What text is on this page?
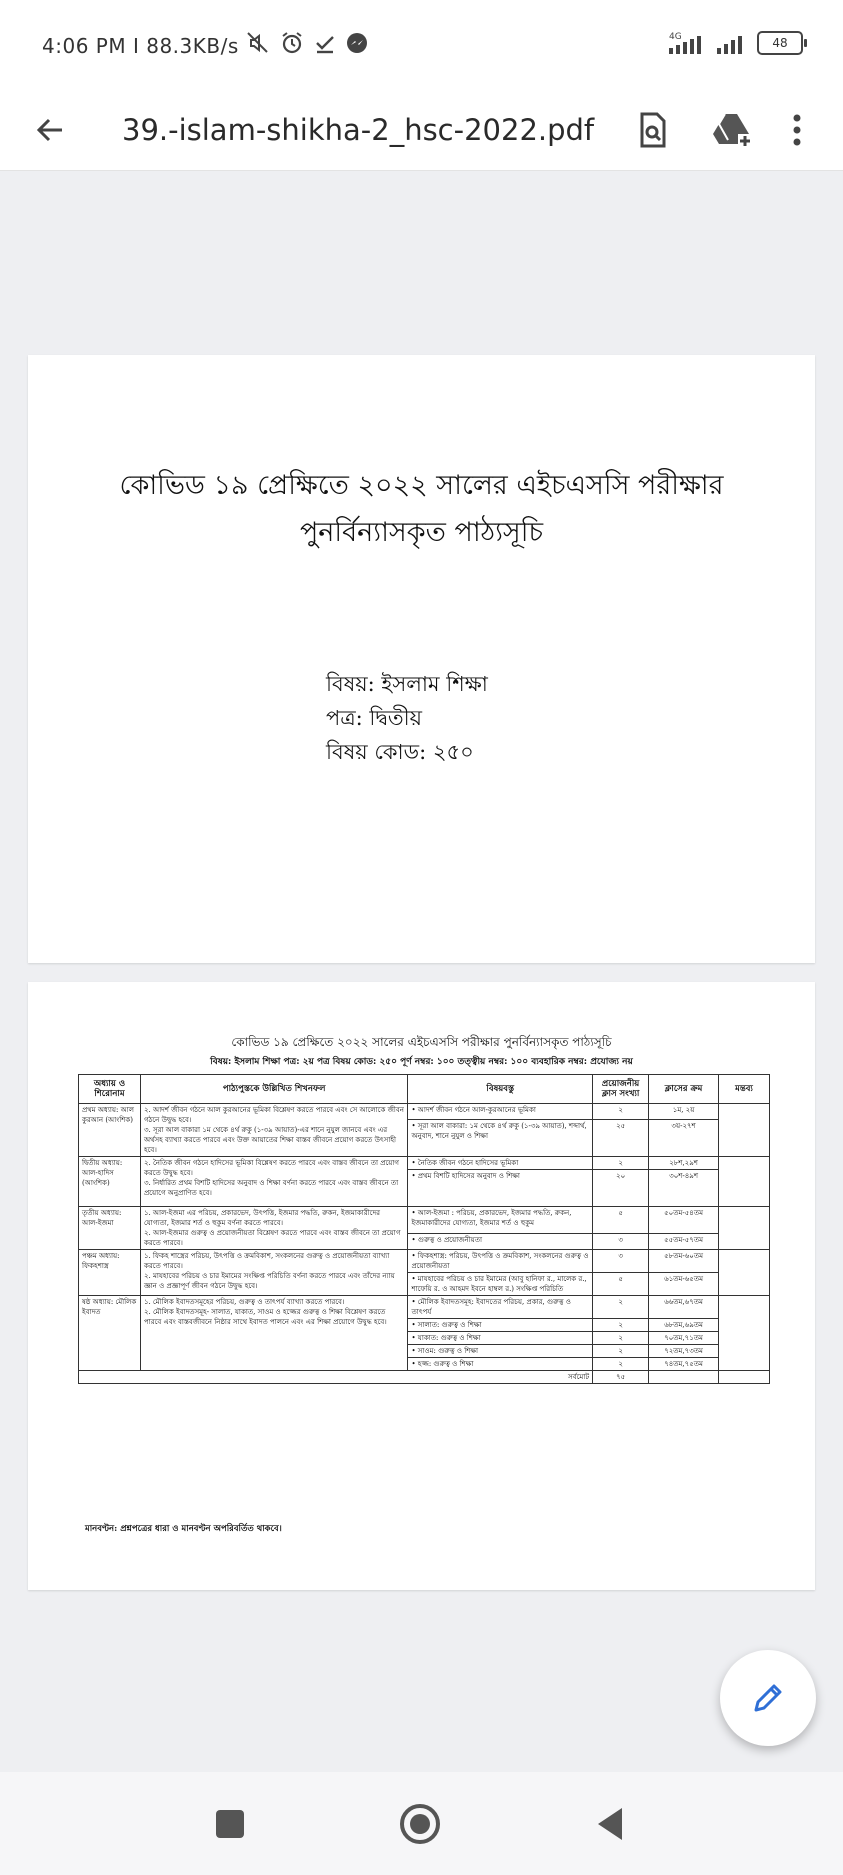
4:06 PM I 88.3KB/s	4G	48
39.-islam-shikha-2_hsc-2022.pdf
কোভিড ১৯ প্রেক্ষিতে ২০২২ সালের এইচএসসি পরীক্ষার
পুনর্বিন্যাসকৃত পাঠ্যসূচি
বিষয়: ইসলাম শিক্ষা
পত্র: দ্বিতীয়
বিষয় কোড: ২৫০
কোভিড ১৯ প্রেক্ষিতে ২০২২ সালের এইচএসসি পরীক্ষার পুনর্বিন্যাসকৃত পাঠ্যসূচি
বিষয়: ইসলাম শিক্ষা পত্র: ২য় পত্র বিষয় কোড: ২৫০ পূর্ণ নম্বর: ১০০ তত্ত্বীয় নম্বর: ১০০ ব্যবহারিক নম্বর: প্রযোজ্য নয়
অধ্যায় ও শিরোনাম	পাঠ্যপুস্তকে উল্লিখিত শিখনফল	বিষয়বস্তু	প্রয়োজনীয় ক্লাস সংখ্যা	ক্লাসের ক্রম	মন্তব্য
প্রথম অধ্যায়: আল কুরআন (আংশিক)	২. আদর্শ জীবন গঠনে আল কুরআনের ভূমিকা বিশ্লেষণ করতে পারবে এবং সে আলোকে জীবন গঠনে উদ্বুদ্ধ হবে।
৩. সূরা আল বাকারা ১ম থেকে ৪র্থ রুকু (১-৩৯ আয়াত)-এর শানে নুযুল জানবে এবং এর অর্থসহ ব্যাখ্যা করতে পারবে এবং উক্ত আয়াতের শিক্ষা বাস্তব জীবনে প্রয়োগ করতে উৎসাহী হবে।	• আদর্শ জীবন গঠনে আল-কুরআনের ভূমিকা	২	১ম, ২য়	
		• সূরা আল বাকারা: ১ম থেকে ৪র্থ রুকু (১-৩৯ আয়াত), শব্দার্থ, অনুবাদ, শানে নুযুল ও শিক্ষা	২৫	৩য়-২৭শ	
দ্বিতীয় অধ্যায়: আল-হাদিস (আংশিক)	২. নৈতিক জীবন গঠনে হাদিসের ভূমিকা বিশ্লেষণ করতে পারবে এবং বাস্তব জীবনে তা প্রয়োগ করতে উদ্বুদ্ধ হবে।
৩. নির্ধারিত প্রথম বিশটি হাদিসের অনুবাদ ও শিক্ষা বর্ণনা করতে পারবে এবং বাস্তব জীবনে তা প্রয়োগে অনুপ্রাণিত হবে।	• নৈতিক জীবন গঠনে হাদিসের ভূমিকা	২	২৮শ,২৯শ	
		• প্রথম বিশটি হাদিসের অনুবাদ ও শিক্ষা	২০	৩০শ-৪৯শ	
তৃতীয় অধ্যায়: আল-ইজমা	১. আল-ইজমা এর পরিচয়, প্রকারভেদ, উৎপত্তি, ইজমার পদ্ধতি, রুকন, ইজমাকারীদের যোগ্যতা, ইজমার শর্ত ও হুকুম বর্ণনা করতে পারবে।
২. আল-ইজমার গুরুত্ব ও প্রয়োজনীয়তা বিশ্লেষণ করতে পারবে এবং বাস্তব জীবনে তা প্রয়োগ করতে পারবে।	• আল-ইজমা : পরিচয়, প্রকারভেদ, ইজমার পদ্ধতি, রুকন, ইজমাকারীদের যোগ্যতা, ইজমার শর্ত ও হুকুম	৫	৫০তম-৫৪তম	
		• গুরুত্ব ও প্রয়োজনীয়তা	৩	৫৫তম-৫৭তম	
পঞ্চম অধ্যায়: ফিকহশাস্ত্র	১. ফিকহ শাস্ত্রের পরিচয়, উৎপত্তি ও ক্রমবিকাশ, সংকলনের গুরুত্ব ও প্রয়োজনীয়তা ব্যাখ্যা করতে পারবে।
২. মাযহাবের পরিচয় ও চার ইমামের সংক্ষিপ্ত পরিচিতি বর্ণনা করতে পারবে এবং তাঁদের ন্যায় জ্ঞান ও প্রজ্ঞাপূর্ণ জীবন গঠনে উদ্বুদ্ধ হবে।	• ফিকহশাস্ত্র: পরিচয়, উৎপত্তি ও ক্রমবিকাশ, সংকলনের গুরুত্ব ও প্রয়োজনীয়তা	৩	৫৮তম-৬০তম	
		• মাযহাবের পরিচয় ও চার ইমামের (আবু হানিফা র., মালেক র., শাফেয়ি র. ও আহমদ ইবনে হাম্বল র.) সংক্ষিপ্ত পরিচিতি	৫	৬১তম-৬৫তম	
ষষ্ঠ অধ্যায়: মৌলিক ইবাদত	১. মৌলিক ইবাদতসমূহের পরিচয়, গুরুত্ব ও তাৎপর্য ব্যাখ্যা করতে পারবে।
২. মৌলিক ইবাদতসমূহ- সালাত, যাকাত, সাওম ও হজ্জের গুরুত্ব ও শিক্ষা বিশ্লেষণ করতে পারবে এবং বাস্তবজীবনে নিষ্ঠার সাথে ইবাদত পালনে এবং এর শিক্ষা প্রয়োগে উদ্বুদ্ধ হবে।	• মৌলিক ইবাদতসমূহ: ইবাদতের পরিচয়, প্রকার, গুরুত্ব ও তাৎপর্য	২	৬৬তম,৬৭তম	
		• সালাত: গুরুত্ব ও শিক্ষা	২	৬৮তম,৬৯তম	
		• যাকাত: গুরুত্ব ও শিক্ষা	২	৭০তম,৭১তম	
		• সাওম: গুরুত্ব ও শিক্ষা	২	৭২তম,৭৩তম	
		• হজ্জ: গুরুত্ব ও শিক্ষা	২	৭৪তম,৭৫তম	
সর্বমোট			৭৫		
মানবণ্টন: প্রশ্নপত্রের ধারা ও মানবণ্টন অপরিবর্তিত থাকবে।
